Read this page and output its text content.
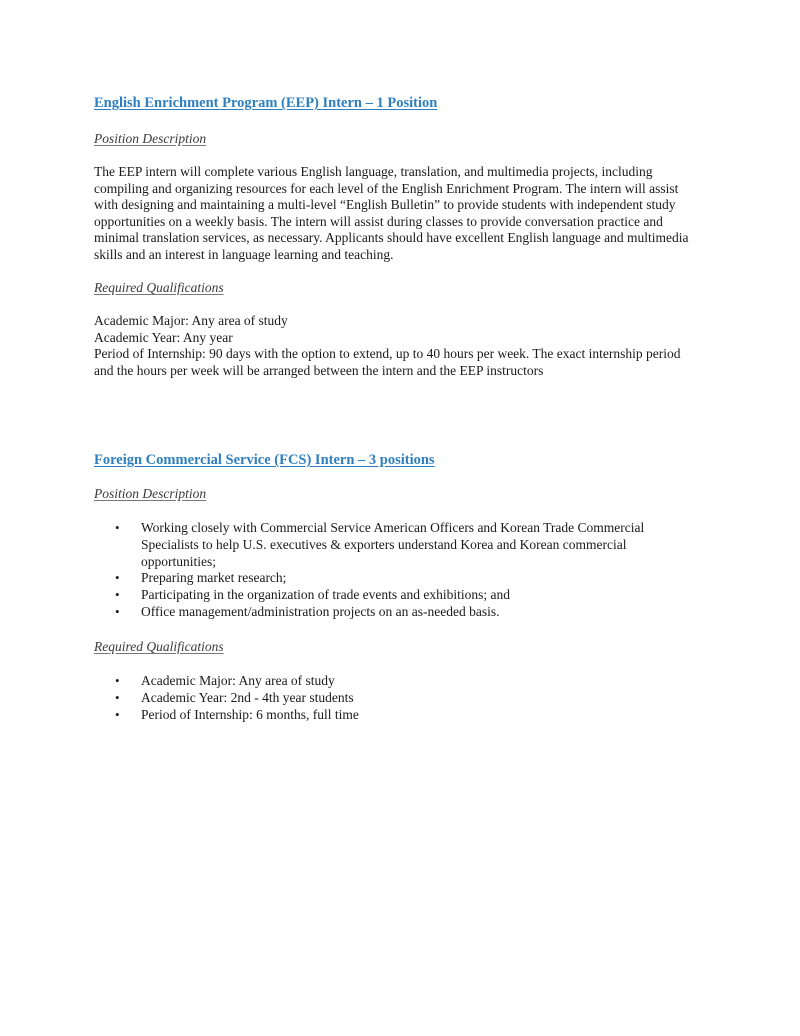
English Enrichment Program (EEP) Intern – 1 Position
Position Description
The EEP intern will complete various English language, translation, and multimedia projects, including compiling and organizing resources for each level of the English Enrichment Program. The intern will assist with designing and maintaining a multi-level “English Bulletin” to provide students with independent study opportunities on a weekly basis. The intern will assist during classes to provide conversation practice and minimal translation services, as necessary. Applicants should have excellent English language and multimedia skills and an interest in language learning and teaching.
Required Qualifications
Academic Major: Any area of study
Academic Year: Any year
Period of Internship: 90 days with the option to extend, up to 40 hours per week. The exact internship period and the hours per week will be arranged between the intern and the EEP instructors
Foreign Commercial Service (FCS) Intern – 3 positions
Position Description
• Working closely with Commercial Service American Officers and Korean Trade Commercial Specialists to help U.S. executives & exporters understand Korea and Korean commercial opportunities;
• Preparing market research;
• Participating in the organization of trade events and exhibitions; and
• Office management/administration projects on an as-needed basis.
Required Qualifications
• Academic Major: Any area of study
• Academic Year: 2nd - 4th year students
• Period of Internship: 6 months, full time
